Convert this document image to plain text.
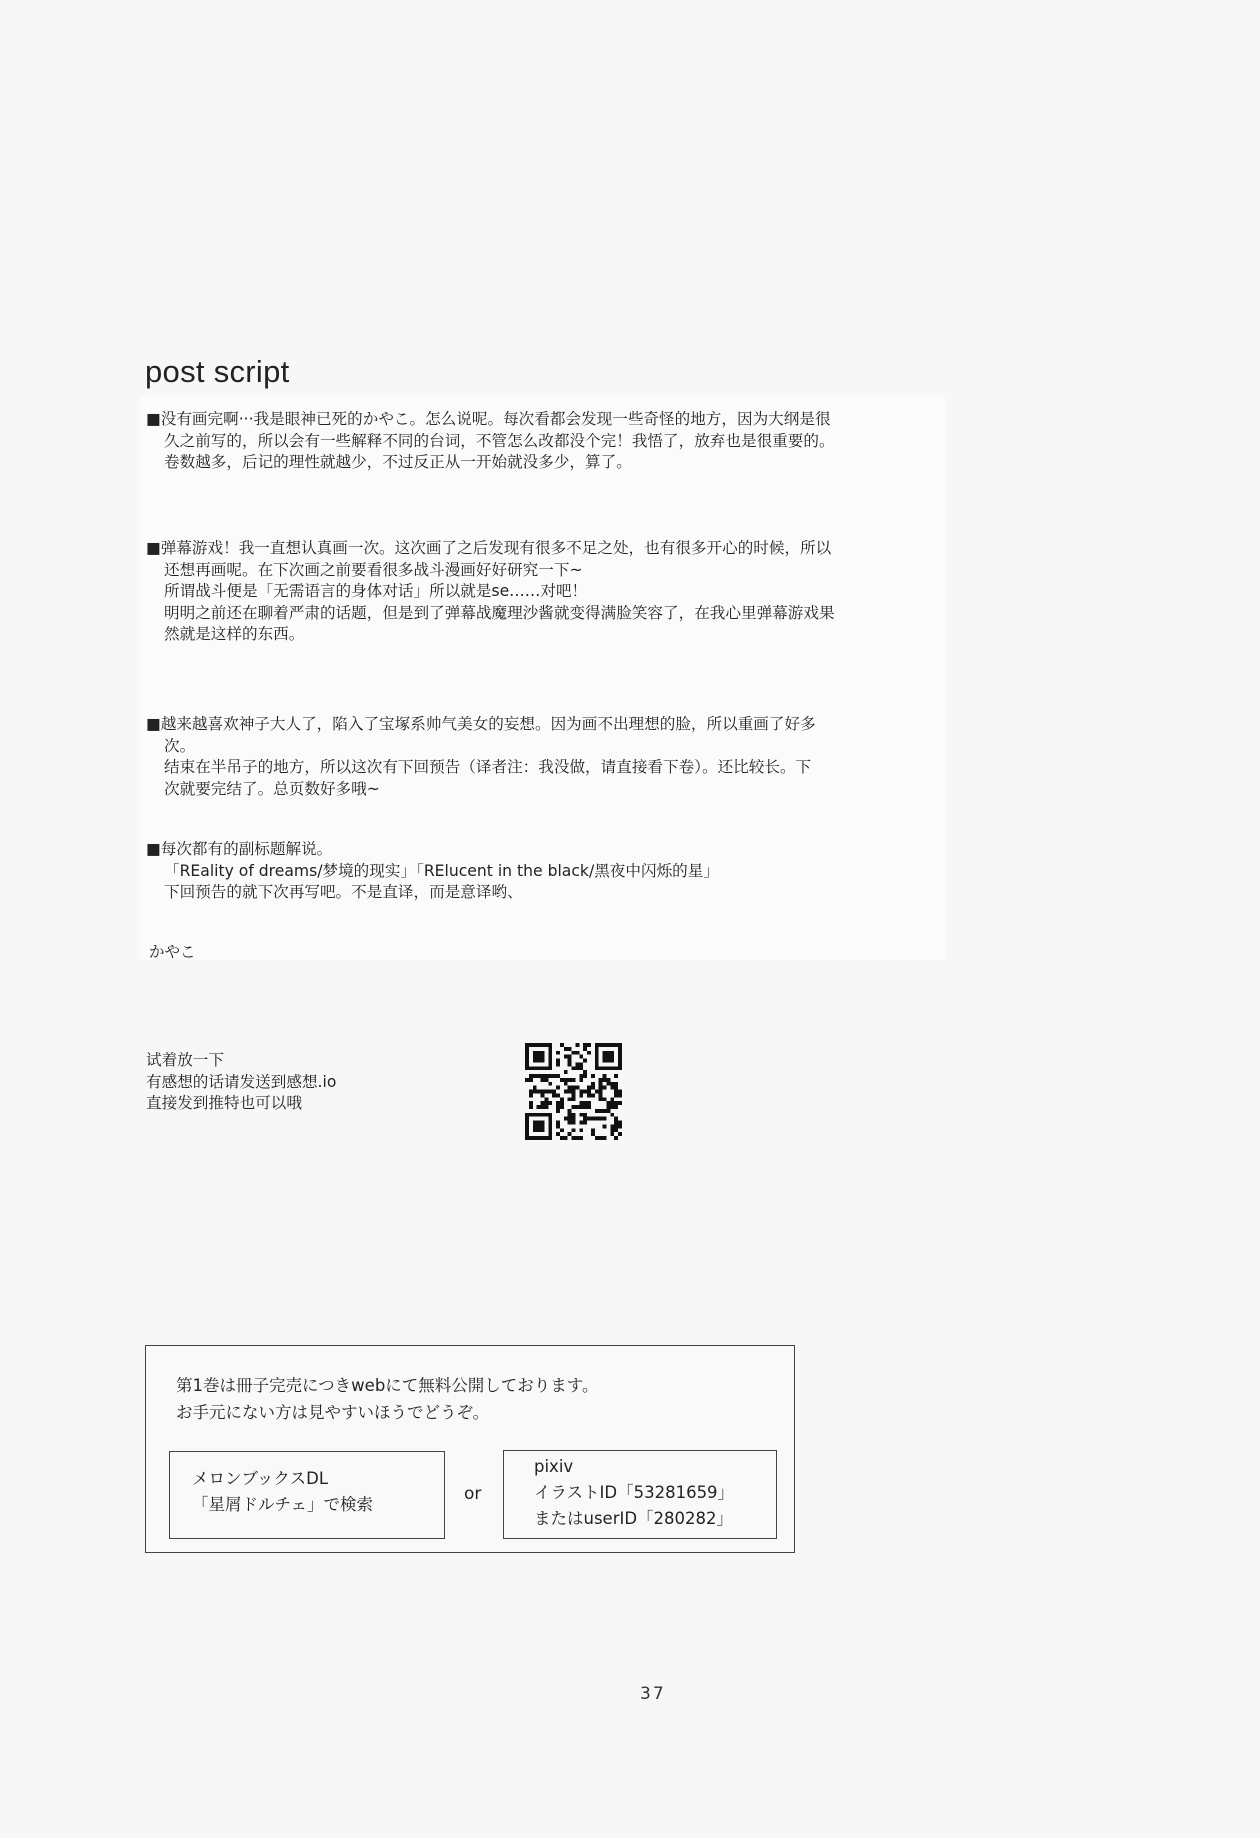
post script
■没有画完啊···我是眼神已死的かやこ。怎么说呢。每次看都会发现一些奇怪的地方，因为大纲是很
久之前写的，所以会有一些解释不同的台词，不管怎么改都没个完！我悟了，放弃也是很重要的。
卷数越多，后记的理性就越少，不过反正从一开始就没多少，算了。
■弹幕游戏！我一直想认真画一次。这次画了之后发现有很多不足之处，也有很多开心的时候，所以
还想再画呢。在下次画之前要看很多战斗漫画好好研究一下~
所谓战斗便是「无需语言的身体对话」所以就是se……对吧！
明明之前还在聊着严肃的话题，但是到了弹幕战魔理沙酱就变得满脸笑容了，在我心里弹幕游戏果
然就是这样的东西。
■越来越喜欢神子大人了，陷入了宝塚系帅气美女的妄想。因为画不出理想的脸，所以重画了好多
次。
结束在半吊子的地方，所以这次有下回预告（译者注：我没做，请直接看下卷）。还比较长。下
次就要完结了。总页数好多哦~
■每次都有的副标题解说。
「REality of dreams/梦境的现实」「RElucent in the black/黑夜中闪烁的星」
下回预告的就下次再写吧。不是直译，而是意译哟、
かやこ
试着放一下
有感想的话请发送到感想.io
直接发到推特也可以哦
第1巻は冊子完売につきwebにて無料公開しております。
お手元にない方は見やすいほうでどうぞ。
メロンブックスDL
「星屑ドルチェ」で検索
or
pixiv
イラストID「53281659」
またはuserID「280282」
37
